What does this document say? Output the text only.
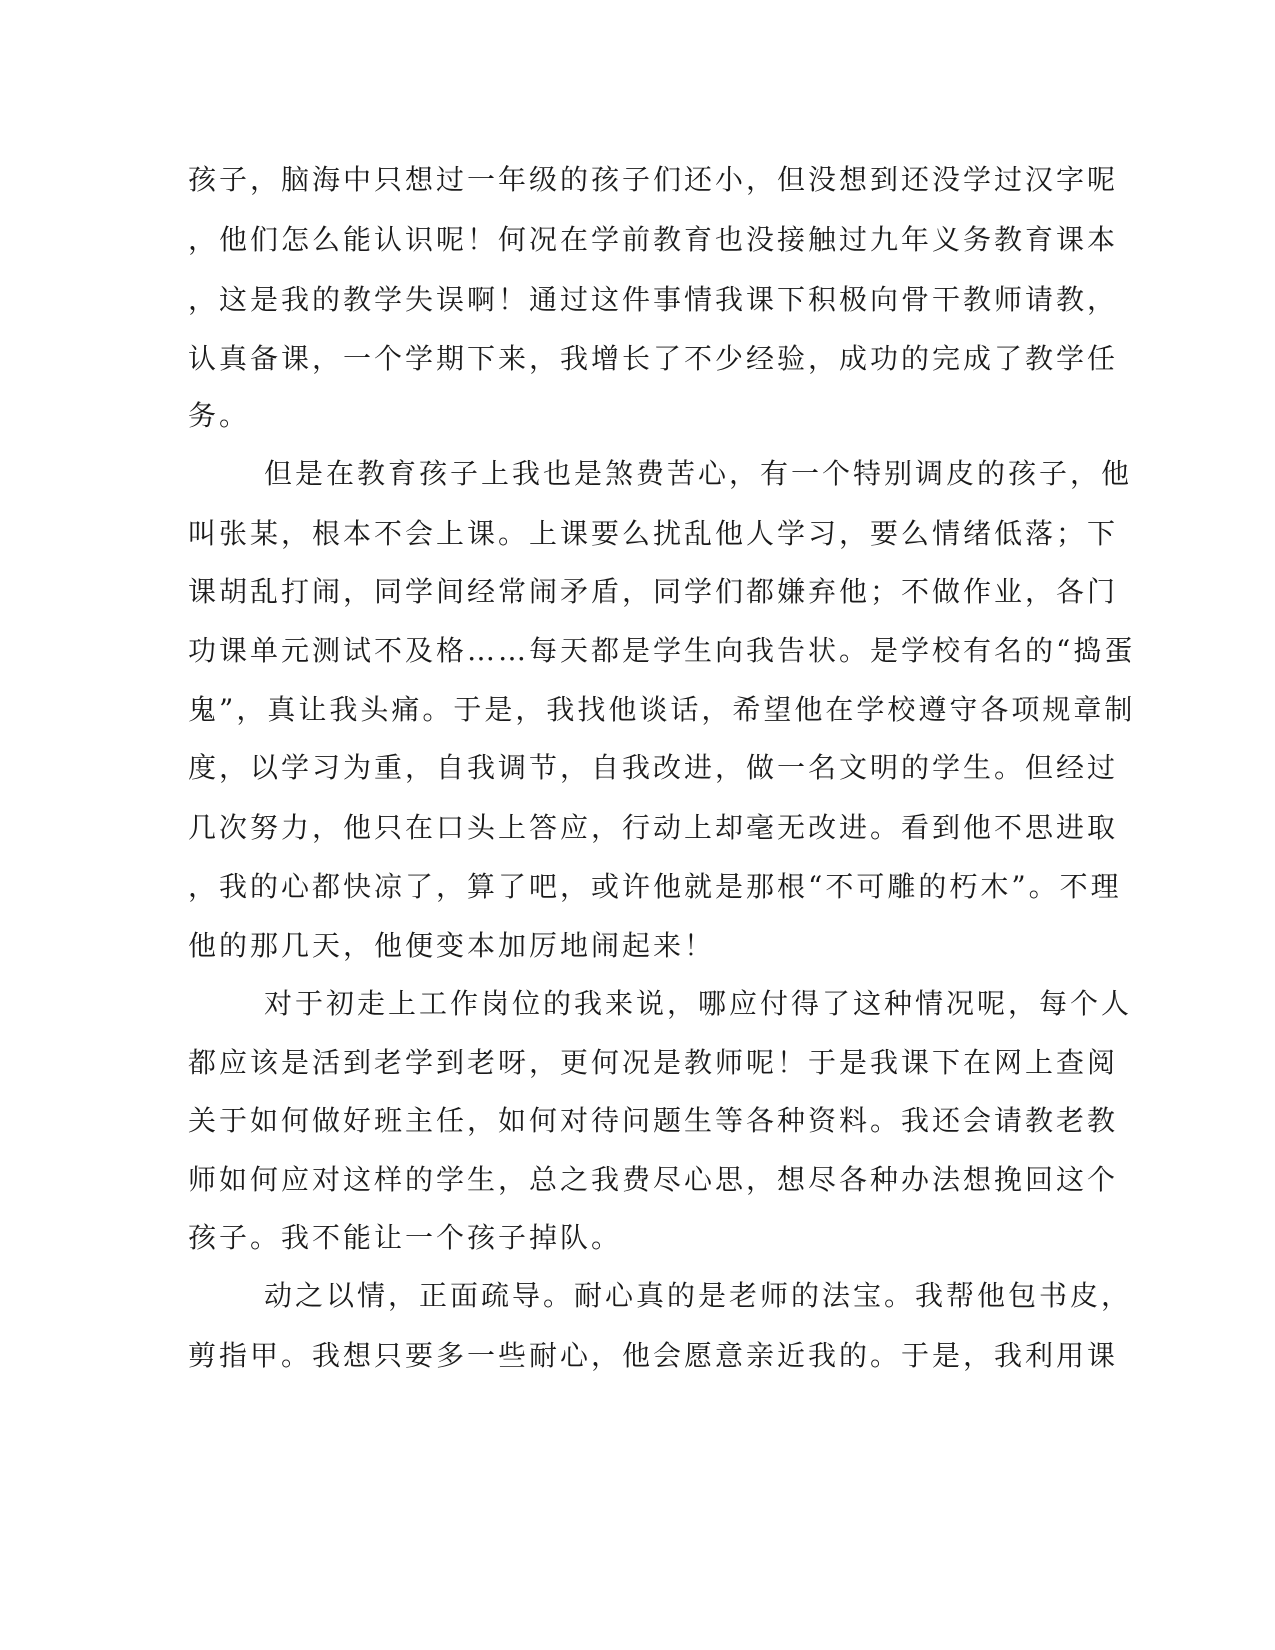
孩子，脑海中只想过一年级的孩子们还小，但没想到还没学过汉字呢
，他们怎么能认识呢！何况在学前教育也没接触过九年义务教育课本
，这是我的教学失误啊！通过这件事情我课下积极向骨干教师请教，
认真备课，一个学期下来，我增长了不少经验，成功的完成了教学任
务。
但是在教育孩子上我也是煞费苦心，有一个特别调皮的孩子，他
叫张某，根本不会上课。上课要么扰乱他人学习，要么情绪低落；下
课胡乱打闹，同学间经常闹矛盾，同学们都嫌弃他；不做作业，各门
功课单元测试不及格……每天都是学生向我告状。是学校有名的“捣蛋
鬼”，真让我头痛。于是，我找他谈话，希望他在学校遵守各项规章制
度，以学习为重，自我调节，自我改进，做一名文明的学生。但经过
几次努力，他只在口头上答应，行动上却毫无改进。看到他不思进取
，我的心都快凉了，算了吧，或许他就是那根“不可雕的朽木”。不理
他的那几天，他便变本加厉地闹起来！
对于初走上工作岗位的我来说，哪应付得了这种情况呢，每个人
都应该是活到老学到老呀，更何况是教师呢！于是我课下在网上查阅
关于如何做好班主任，如何对待问题生等各种资料。我还会请教老教
师如何应对这样的学生，总之我费尽心思，想尽各种办法想挽回这个
孩子。我不能让一个孩子掉队。
动之以情，正面疏导。耐心真的是老师的法宝。我帮他包书皮，
剪指甲。我想只要多一些耐心，他会愿意亲近我的。于是，我利用课
